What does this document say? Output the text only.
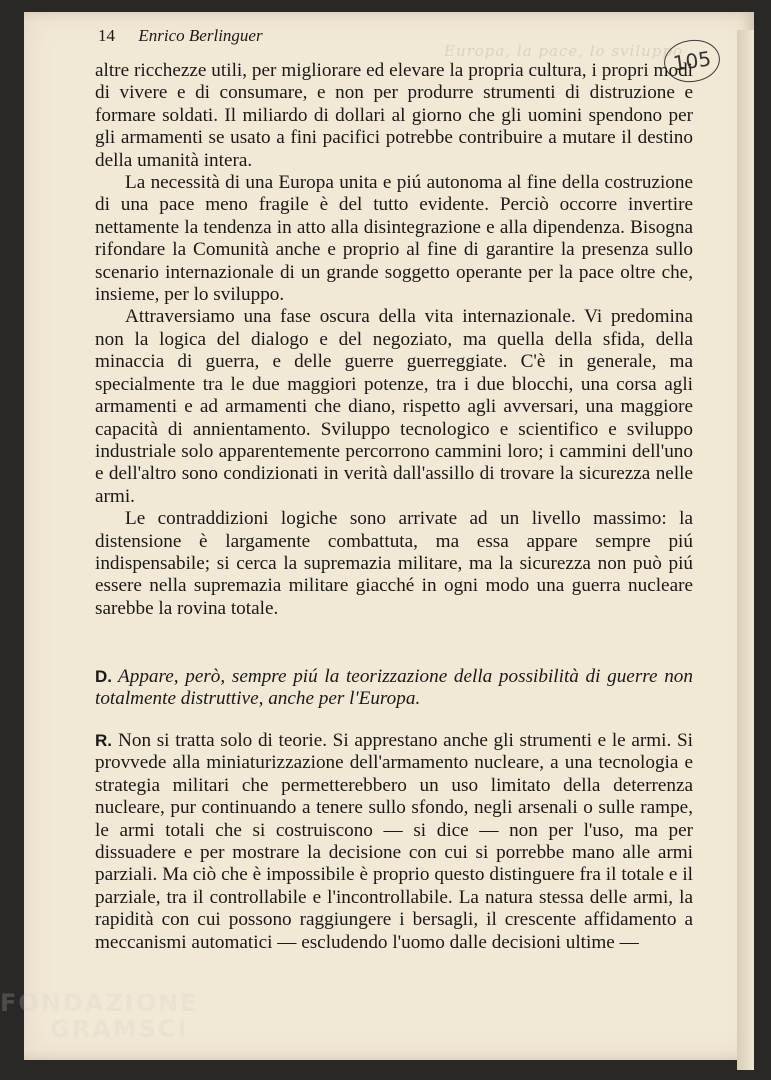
Europa, la pace, lo sviluppo
105
14 Enrico Berlinguer

altre ricchezze utili, per migliorare ed elevare la propria cultura, i propri modi di vivere e di consumare, e non per produrre strumenti di distruzione e formare soldati. Il miliardo di dollari al giorno che gli uomini spendono per gli armamenti se usato a fini pacifici potrebbe contribuire a mutare il destino della umanità intera.

La necessità di una Europa unita e piú autonoma al fine della costruzione di una pace meno fragile è del tutto evidente. Perciò occorre invertire nettamente la tendenza in atto alla disintegrazione e alla dipendenza. Bisogna rifondare la Comunità anche e proprio al fine di garantire la presenza sullo scenario internazionale di un grande soggetto operante per la pace oltre che, insieme, per lo sviluppo.

Attraversiamo una fase oscura della vita internazionale. Vi predomina non la logica del dialogo e del negoziato, ma quella della sfida, della minaccia di guerra, e delle guerre guerreggiate. C'è in generale, ma specialmente tra le due maggiori potenze, tra i due blocchi, una corsa agli armamenti e ad armamenti che diano, rispetto agli avversari, una maggiore capacità di annientamento. Sviluppo tecnologico e scientifico e sviluppo industriale solo apparentemente percorrono cammini loro; i cammini dell'uno e dell'altro sono condizionati in verità dall'assillo di trovare la sicurezza nelle armi.

Le contraddizioni logiche sono arrivate ad un livello massimo: la distensione è largamente combattuta, ma essa appare sempre piú indispensabile; si cerca la supremazia militare, ma la sicurezza non può piú essere nella supremazia militare giacché in ogni modo una guerra nucleare sarebbe la rovina totale.

D. Appare, però, sempre piú la teorizzazione della possibilità di guerre non totalmente distruttive, anche per l'Europa.
R. Non si tratta solo di teorie. Si apprestano anche gli strumenti e le armi. Si provvede alla miniaturizzazione dell'armamento nucleare, a una tecnologia e strategia militari che permetterebbero un uso limitato della deterrenza nucleare, pur continuando a tenere sullo sfondo, negli arsenali o sulle rampe, le armi totali che si costruiscono — si dice — non per l'uso, ma per dissuadere e per mostrare la decisione con cui si porrebbe mano alle armi parziali. Ma ciò che è impossibile è proprio questo distinguere fra il totale e il parziale, tra il controllabile e l'incontrollabile. La natura stessa delle armi, la rapidità con cui possono raggiungere i bersagli, il crescente affidamento a meccanismi automatici — escludendo l'uomo dalle decisioni ultime —
FONDAZIONE
GRAMSCI
